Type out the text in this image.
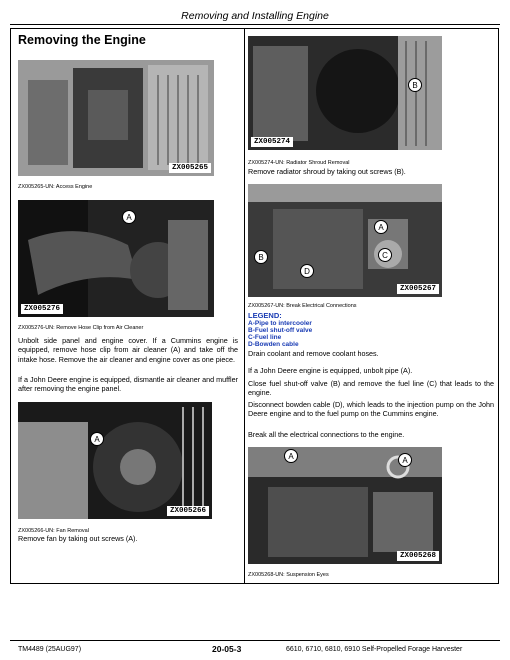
Removing and Installing Engine
Removing the Engine
ZX005265
ZX005265-UN: Access Engine
A
ZX005276
ZX005276-UN: Remove Hose Clip from Air Cleaner
Unbolt side panel and engine cover. If a Cummins engine is equipped, remove hose clip from air cleaner (A) and take off the intake hose. Remove the air cleaner and engine cover as one piece.
If a John Deere engine is equipped, dismantle air cleaner and muffler after removing the engine panel.
A
ZX005266
ZX005266-UN: Fan Removal
Remove fan by taking out screws (A).
B
ZX005274
ZX005274-UN: Radiator Shroud Removal
Remove radiator shroud by taking out screws (B).
A
B	C
D
ZX005267
ZX005267-UN: Break Electrical Connections
LEGEND:
A-Pipe to intercooler
B-Fuel shut-off valve
C-Fuel line
D-Bowden cable
Drain coolant and remove coolant hoses.
If a John Deere engine is equipped, unbolt pipe (A).
Close fuel shut-off valve (B) and remove the fuel line (C) that leads to the engine.
Disconnect bowden cable (D), which leads to the injection pump on the John Deere engine and to the fuel pump on the Cummins engine.
Break all the electrical connections to the engine.
A	A
ZX005268
ZX005268-UN: Suspension Eyes
TM4489 (25AUG97)	20-05-3	6610, 6710, 6810, 6910 Self-Propelled Forage Harvester
